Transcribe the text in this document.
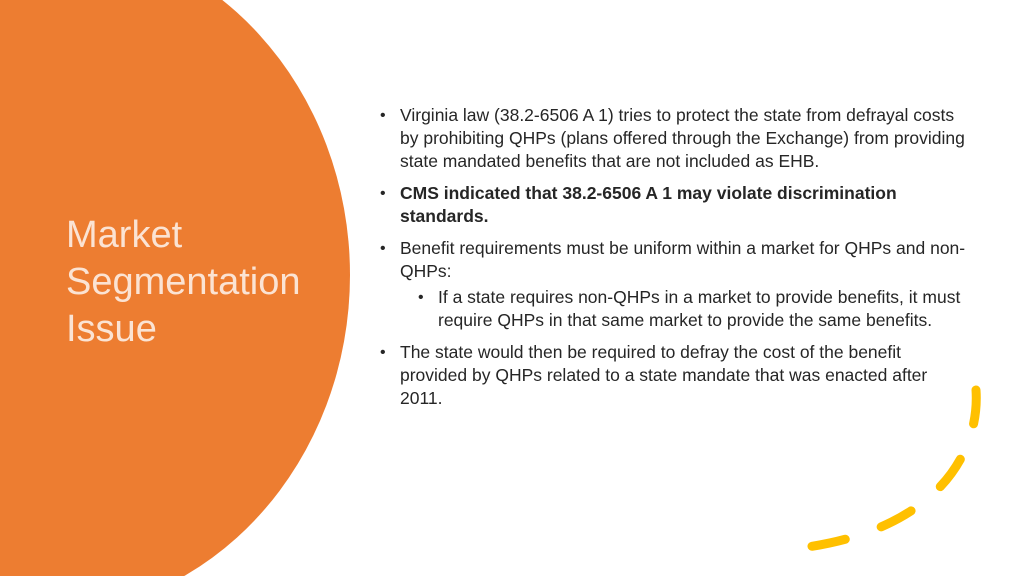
Market
Segmentation
Issue
• Virginia law (38.2-6506 A 1) tries to protect the state from defrayal costs by prohibiting QHPs (plans offered through the Exchange) from providing state mandated benefits that are not included as EHB.
• CMS indicated that 38.2-6506 A 1 may violate discrimination standards.
• Benefit requirements must be uniform within a market for QHPs and non-QHPs:
• If a state requires non-QHPs in a market to provide benefits, it must require QHPs in that same market to provide the same benefits.
• The state would then be required to defray the cost of the benefit provided by QHPs related to a state mandate that was enacted after 2011.
